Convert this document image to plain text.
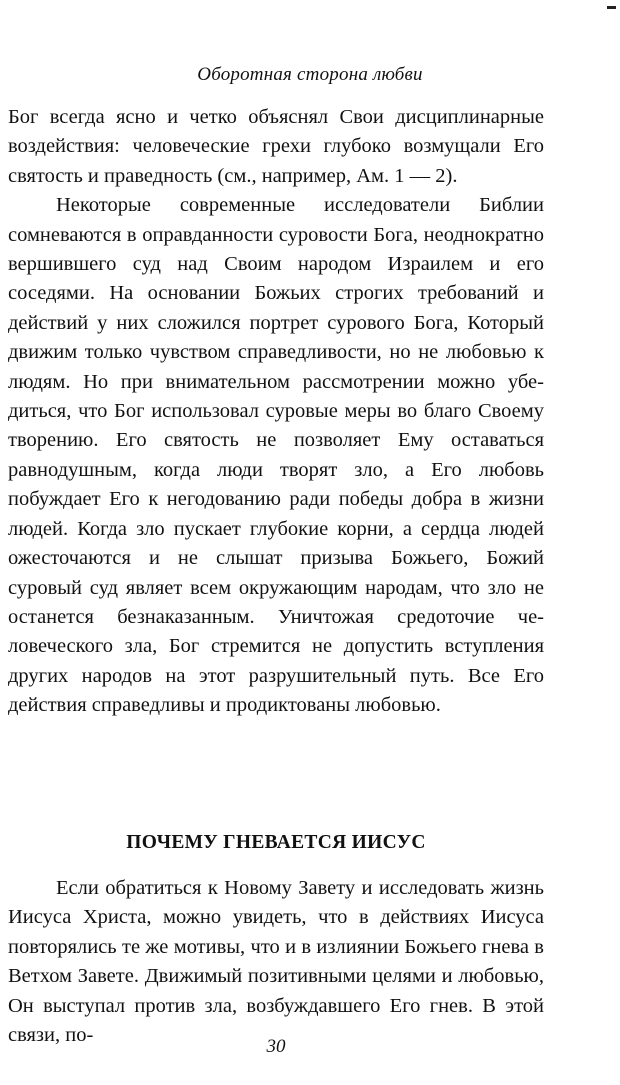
Оборотная сторона любви

Бог всегда ясно и четко объяснял Свои дисциплинарные воздействия: человеческие грехи глубоко возмущали Его святость и праведность (см., например, Ам. 1 — 2).

Некоторые современные исследователи Библии сомневаются в оправданности суровости Бога, неоднократно вершившего суд над Своим народом Израилем и его соседями. На основании Божьих строгих требований и действий у них сложился портрет сурового Бога, Который движим только чувством справедливости, но не любовью к людям. Но при внимательном рассмотрении можно убедиться, что Бог использовал суровые меры во благо Своему творению. Его святость не позволяет Ему оставаться равнодушным, когда люди творят зло, а Его любовь побуждает Его к негодованию ради победы добра в жизни людей. Когда зло пускает глубокие корни, а сердца людей ожесточаются и не слышат призыва Божьего, Божий суровый суд являет всем окружающим народам, что зло не останется безнаказанным. Уничтожая средоточие человеческого зла, Бог стремится не допустить вступления других народов на этот разрушительный путь. Все Его действия справедливы и продиктованы любовью.

ПОЧЕМУ ГНЕВАЕТСЯ ИИСУС

Если обратиться к Новому Завету и исследовать жизнь Иисуса Христа, можно увидеть, что в действиях Иисуса повторялись те же мотивы, что и в излиянии Божьего гнева в Ветхом Завете. Движимый позитивными целями и любовью, Он выступал против зла, возбуждавшего Его гнев. В этой связи, по-

30
